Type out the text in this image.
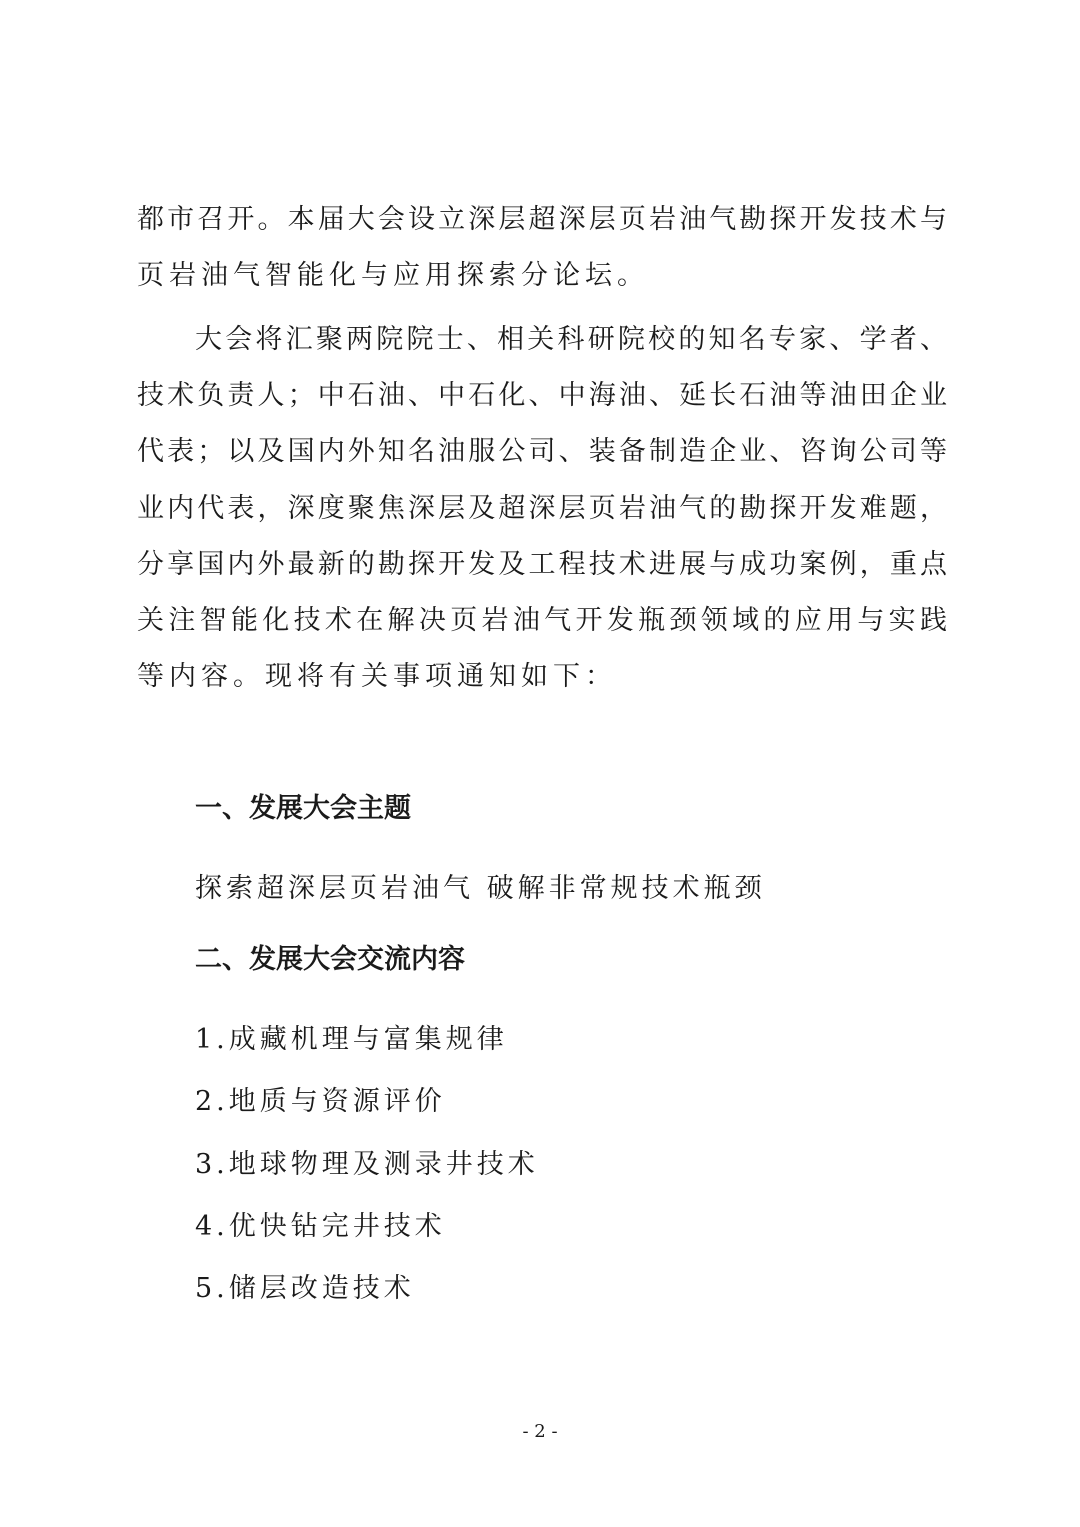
都市召开。本届大会设立深层超深层页岩油气勘探开发技术与
页岩油气智能化与应用探索分论坛。
大会将汇聚两院院士、相关科研院校的知名专家、学者、
技术负责人；中石油、中石化、中海油、延长石油等油田企业
代表；以及国内外知名油服公司、装备制造企业、咨询公司等
业内代表，深度聚焦深层及超深层页岩油气的勘探开发难题，
分享国内外最新的勘探开发及工程技术进展与成功案例，重点
关注智能化技术在解决页岩油气开发瓶颈领域的应用与实践
等内容。现将有关事项通知如下：
一、发展大会主题
探索超深层页岩油气 破解非常规技术瓶颈
二、发展大会交流内容
1.成藏机理与富集规律
2.地质与资源评价
3.地球物理及测录井技术
4.优快钻完井技术
5.储层改造技术
- 2 -
